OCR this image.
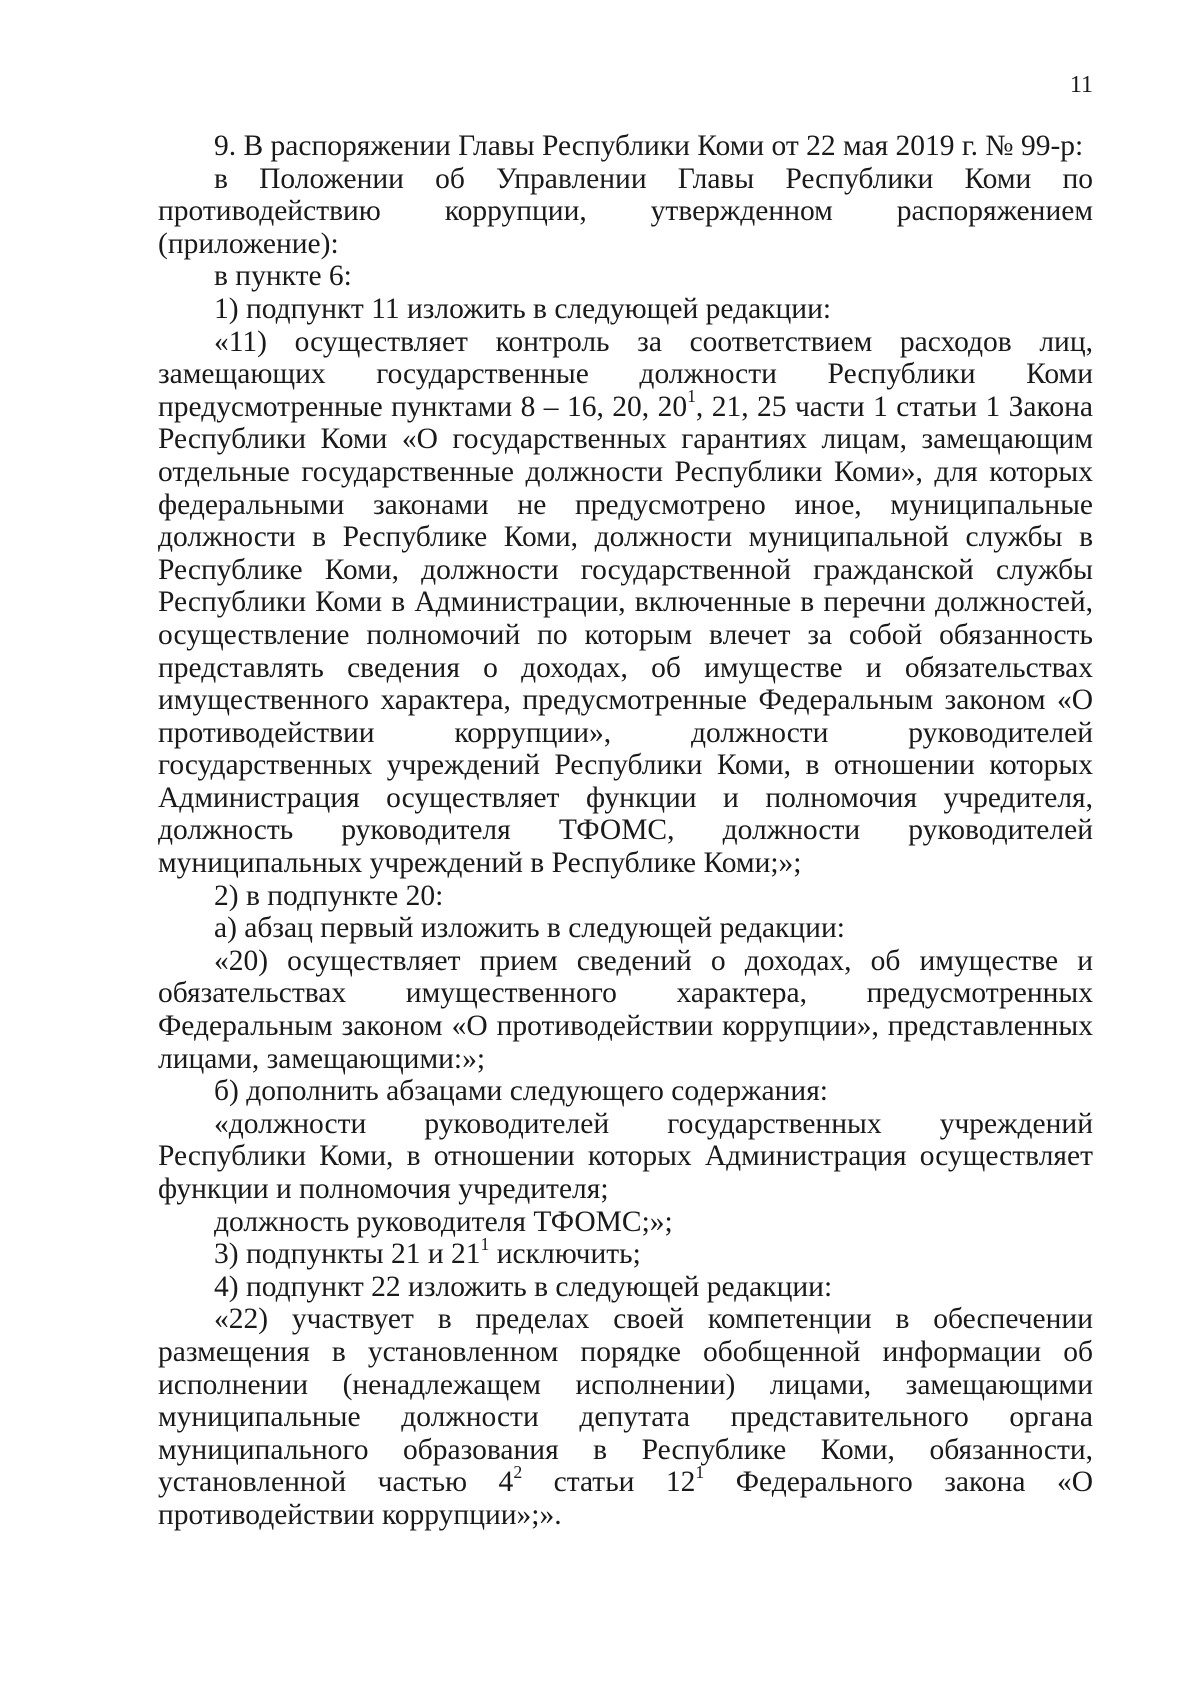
11

9. В распоряжении Главы Республики Коми от 22 мая 2019 г. № 99-р:

в Положении об Управлении Главы Республики Коми по противодействию коррупции, утвержденном распоряжением (приложение):

в пункте 6:

1) подпункт 11 изложить в следующей редакции:

«11) осуществляет контроль за соответствием расходов лиц, замещающих государственные должности Республики Коми предусмотренные пунктами 8 – 16, 20, $20^1$, 21, 25 части 1 статьи 1 Закона Республики Коми «О государственных гарантиях лицам, замещающим отдельные государственные должности Республики Коми», для которых федеральными законами не предусмотрено иное, муниципальные должности в Республике Коми, должности муниципальной службы в Республике Коми, должности государственной гражданской службы Республики Коми в Администрации, включенные в перечни должностей, осуществление полномочий по которым влечет за собой обязанность представлять сведения о доходах, об имуществе и обязательствах имущественного характера, предусмотренные Федеральным законом «О противодействии коррупции», должности руководителей государственных учреждений Республики Коми, в отношении которых Администрация осуществляет функции и полномочия учредителя, должность руководителя ТФОМС, должности руководителей муниципальных учреждений в Республике Коми;»;

2) в подпункте 20:

а) абзац первый изложить в следующей редакции:

«20) осуществляет прием сведений о доходах, об имуществе и обязательствах имущественного характера, предусмотренных Федеральным законом «О противодействии коррупции», представленных лицами, замещающими:»;

б) дополнить абзацами следующего содержания:

«должности руководителей государственных учреждений Республики Коми, в отношении которых Администрация осуществляет функции и полномочия учредителя;

должность руководителя ТФОМС;»;

3) подпункты 21 и $21^1$ исключить;

4) подпункт 22 изложить в следующей редакции:

«22) участвует в пределах своей компетенции в обеспечении размещения в установленном порядке обобщенной информации об исполнении (ненадлежащем исполнении) лицами, замещающими муниципальные должности депутата представительного органа муниципального образования в Республике Коми, обязанности, установленной частью $4^2$ статьи $12^1$ Федерального закона «О противодействии коррупции»;».
